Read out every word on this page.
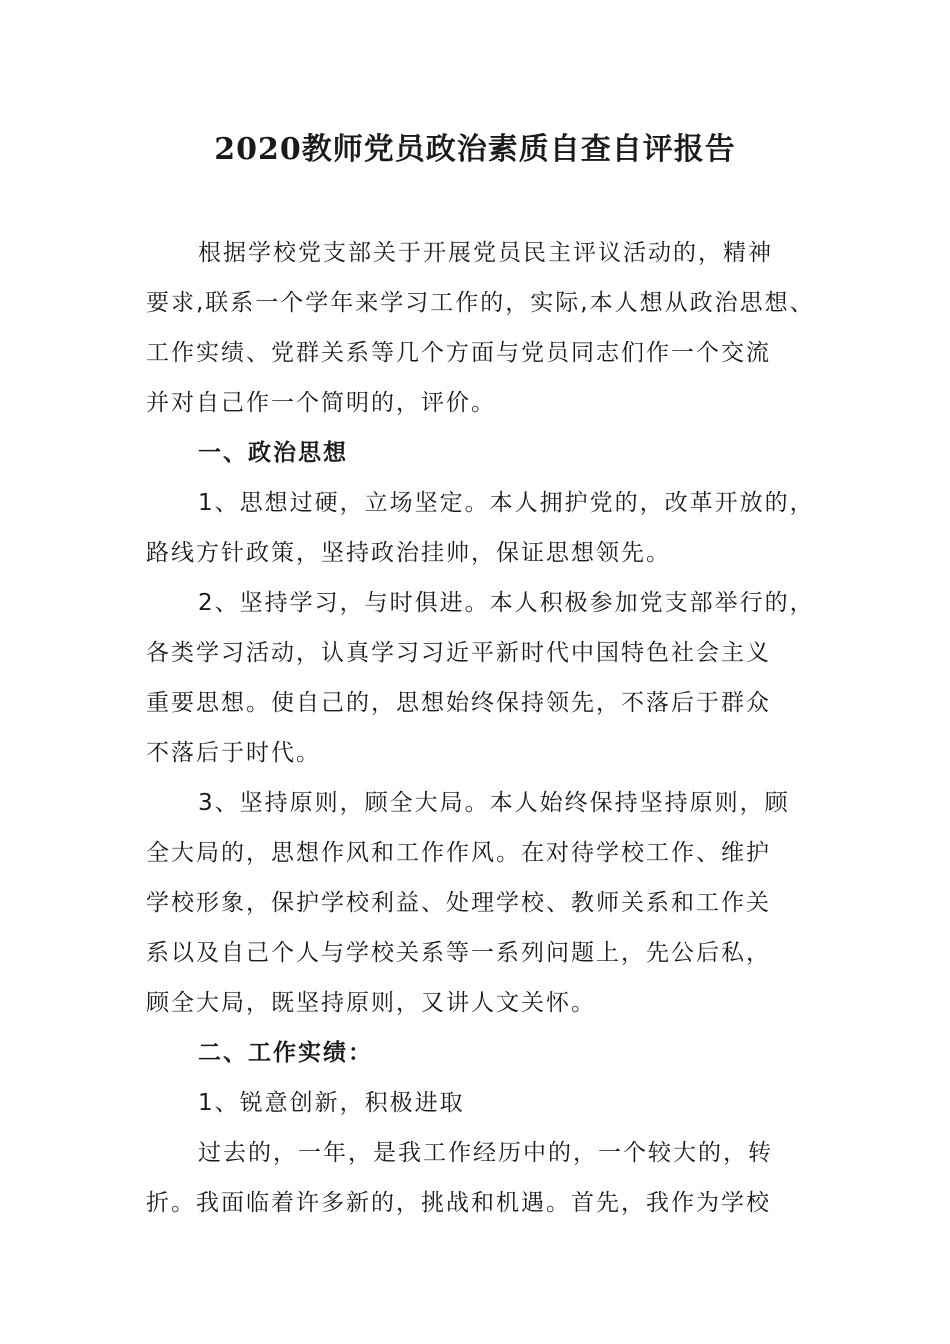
2020教师党员政治素质自查自评报告

根据学校党支部关于开展党员民主评议活动的，精神

要求,联系一个学年来学习工作的，实际,本人想从政治思想、

工作实绩、党群关系等几个方面与党员同志们作一个交流

并对自己作一个简明的，评价。

一、政治思想

1、思想过硬，立场坚定。本人拥护党的，改革开放的，

路线方针政策，坚持政治挂帅，保证思想领先。

2、坚持学习，与时俱进。本人积极参加党支部举行的，

各类学习活动，认真学习习近平新时代中国特色社会主义

重要思想。使自己的，思想始终保持领先，不落后于群众

不落后于时代。

3、坚持原则，顾全大局。本人始终保持坚持原则，顾

全大局的，思想作风和工作作风。在对待学校工作、维护

学校形象，保护学校利益、处理学校、教师关系和工作关

系以及自己个人与学校关系等一系列问题上，先公后私，

顾全大局，既坚持原则，又讲人文关怀。

二、工作实绩：

1、锐意创新，积极进取

过去的，一年，是我工作经历中的，一个较大的，转

折。我面临着许多新的，挑战和机遇。首先，我作为学校
